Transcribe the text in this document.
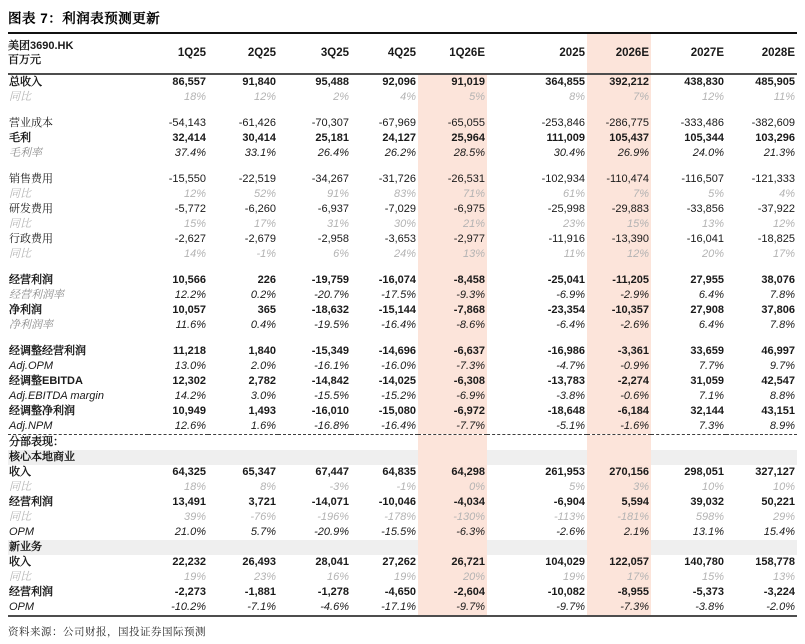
图表 7：利润表预测更新
美团3690.HK
百万元	1Q25	2Q25	3Q25	4Q25	1Q26E	2025	2026E	2027E	2028E
总收入	86,557	91,840	95,488	92,096	91,019	364,855	392,212	438,830	485,905
同比	18%	12%	2%	4%	5%	8%	7%	12%	11%

营业成本	-54,143	-61,426	-70,307	-67,969	-65,055	-253,846	-286,775	-333,486	-382,609
毛利	32,414	30,414	25,181	24,127	25,964	111,009	105,437	105,344	103,296
毛利率	37.4%	33.1%	26.4%	26.2%	28.5%	30.4%	26.9%	24.0%	21.3%

销售费用	-15,550	-22,519	-34,267	-31,726	-26,531	-102,934	-110,474	-116,507	-121,333
同比	12%	52%	91%	83%	71%	61%	7%	5%	4%
研发费用	-5,772	-6,260	-6,937	-7,029	-6,975	-25,998	-29,883	-33,856	-37,922
同比	15%	17%	31%	30%	21%	23%	15%	13%	12%
行政费用	-2,627	-2,679	-2,958	-3,653	-2,977	-11,916	-13,390	-16,041	-18,825
同比	14%	-1%	6%	24%	13%	11%	12%	20%	17%

经营利润	10,566	226	-19,759	-16,074	-8,458	-25,041	-11,205	27,955	38,076
经营利润率	12.2%	0.2%	-20.7%	-17.5%	-9.3%	-6.9%	-2.9%	6.4%	7.8%
净利润	10,057	365	-18,632	-15,144	-7,868	-23,354	-10,357	27,908	37,806
净利润率	11.6%	0.4%	-19.5%	-16.4%	-8.6%	-6.4%	-2.6%	6.4%	7.8%

经调整经营利润	11,218	1,840	-15,349	-14,696	-6,637	-16,986	-3,361	33,659	46,997
Adj.OPM	13.0%	2.0%	-16.1%	-16.0%	-7.3%	-4.7%	-0.9%	7.7%	9.7%
经调整EBITDA	12,302	2,782	-14,842	-14,025	-6,308	-13,783	-2,274	31,059	42,547
Adj.EBITDA margin	14.2%	3.0%	-15.5%	-15.2%	-6.9%	-3.8%	-0.6%	7.1%	8.8%
经调整净利润	10,949	1,493	-16,010	-15,080	-6,972	-18,648	-6,184	32,144	43,151
Adj.NPM	12.6%	1.6%	-16.8%	-16.4%	-7.7%	-5.1%	-1.6%	7.3%	8.9%
分部表现：									
核心本地商业									
收入	64,325	65,347	67,447	64,835	64,298	261,953	270,156	298,051	327,127
同比	18%	8%	-3%	-1%	0%	5%	3%	10%	10%
经营利润	13,491	3,721	-14,071	-10,046	-4,034	-6,904	5,594	39,032	50,221
同比	39%	-76%	-196%	-178%	-130%	-113%	-181%	598%	29%
OPM	21.0%	5.7%	-20.9%	-15.5%	-6.3%	-2.6%	2.1%	13.1%	15.4%
新业务									
收入	22,232	26,493	28,041	27,262	26,721	104,029	122,057	140,780	158,778
同比	19%	23%	16%	19%	20%	19%	17%	15%	13%
经营利润	-2,273	-1,881	-1,278	-4,650	-2,604	-10,082	-8,955	-5,373	-3,224
OPM	-10.2%	-7.1%	-4.6%	-17.1%	-9.7%	-9.7%	-7.3%	-3.8%	-2.0%
资料来源：公司财报，国投证券国际预测
